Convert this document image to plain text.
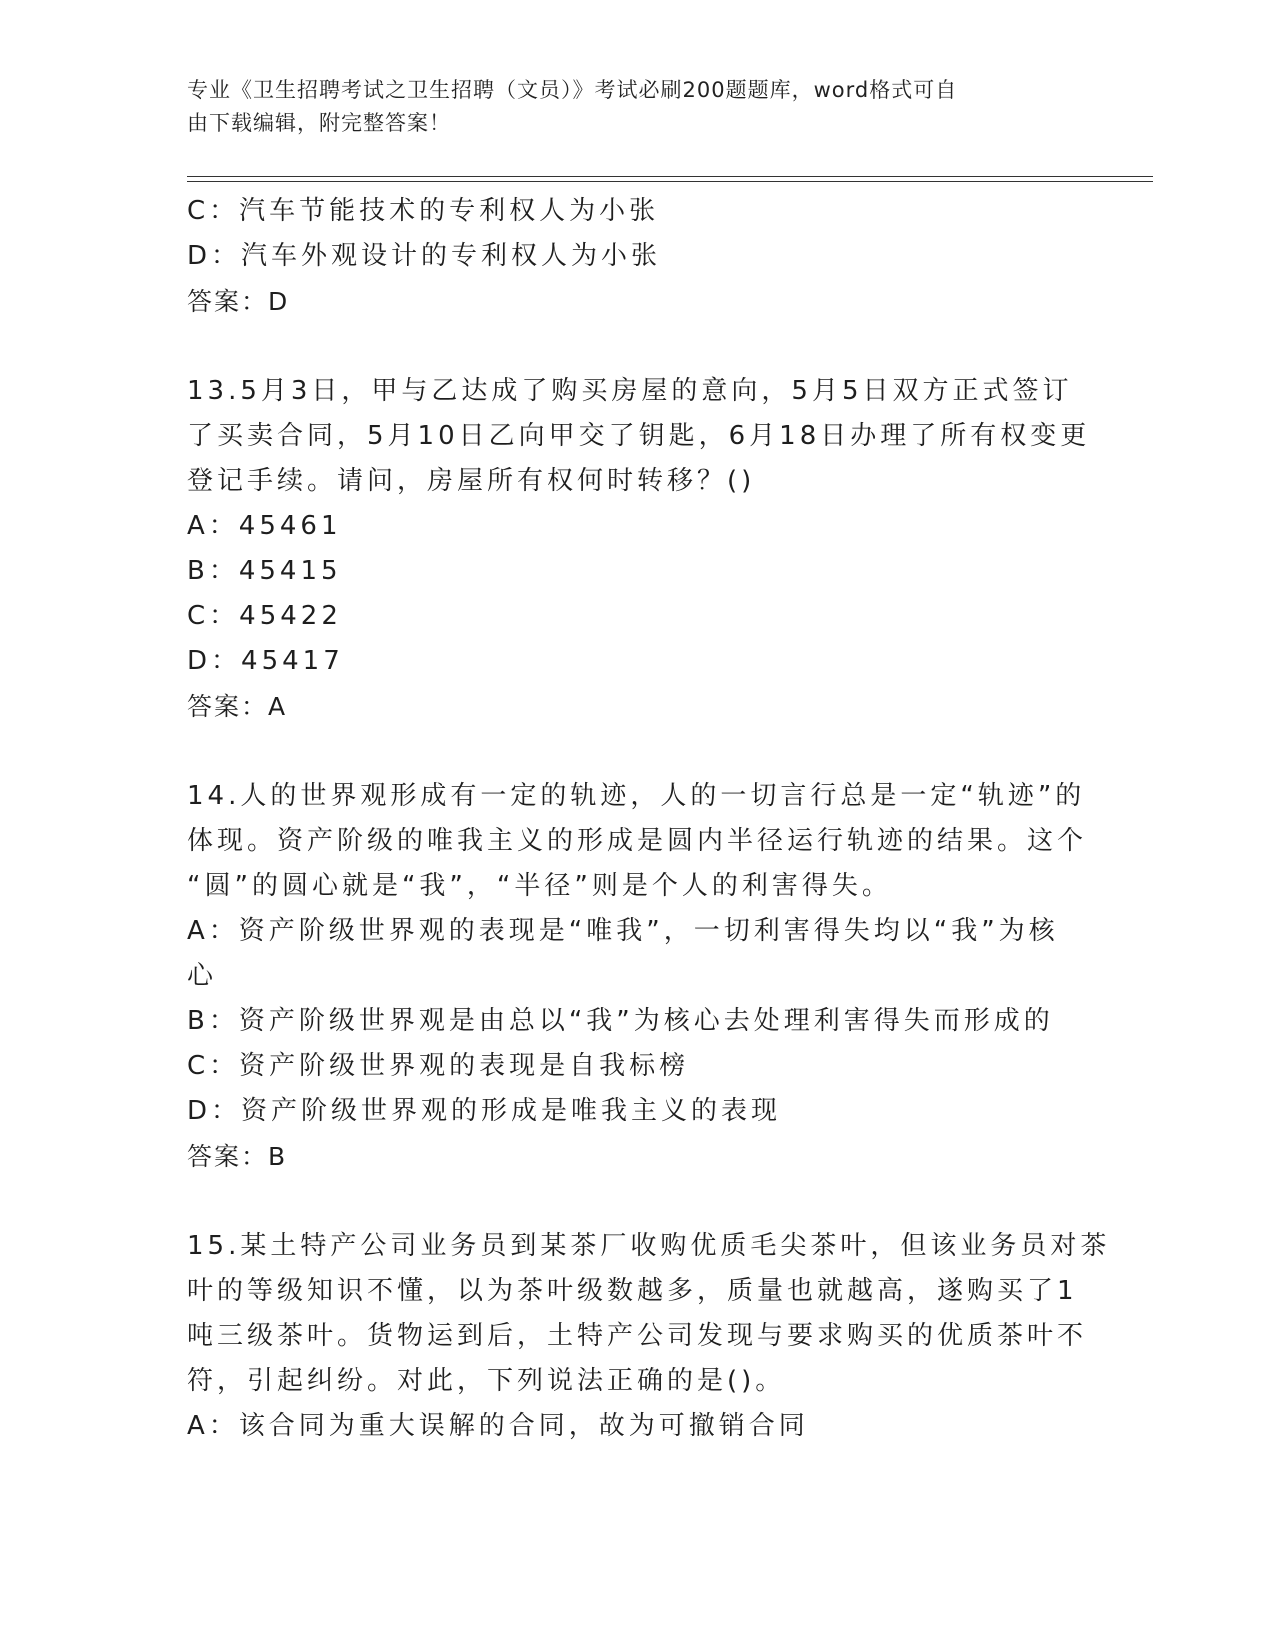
专业《卫生招聘考试之卫生招聘（文员）》考试必刷200题题库，word格式可自
由下载编辑，附完整答案！
C：汽车节能技术的专利权人为小张
D：汽车外观设计的专利权人为小张
答案：D
13.5月3日，甲与乙达成了购买房屋的意向，5月5日双方正式签订
了买卖合同，5月10日乙向甲交了钥匙，6月18日办理了所有权变更
登记手续。请问，房屋所有权何时转移？()
A：45461
B：45415
C：45422
D：45417
答案：A
14.人的世界观形成有一定的轨迹，人的一切言行总是一定“轨迹”的
体现。资产阶级的唯我主义的形成是圆内半径运行轨迹的结果。这个
“圆”的圆心就是“我”，“半径”则是个人的利害得失。
A：资产阶级世界观的表现是“唯我”，一切利害得失均以“我”为核
心
B：资产阶级世界观是由总以“我”为核心去处理利害得失而形成的
C：资产阶级世界观的表现是自我标榜
D：资产阶级世界观的形成是唯我主义的表现
答案：B
15.某土特产公司业务员到某茶厂收购优质毛尖茶叶，但该业务员对茶
叶的等级知识不懂，以为茶叶级数越多，质量也就越高，遂购买了1
吨三级茶叶。货物运到后，土特产公司发现与要求购买的优质茶叶不
符，引起纠纷。对此，下列说法正确的是()。
A：该合同为重大误解的合同，故为可撤销合同
